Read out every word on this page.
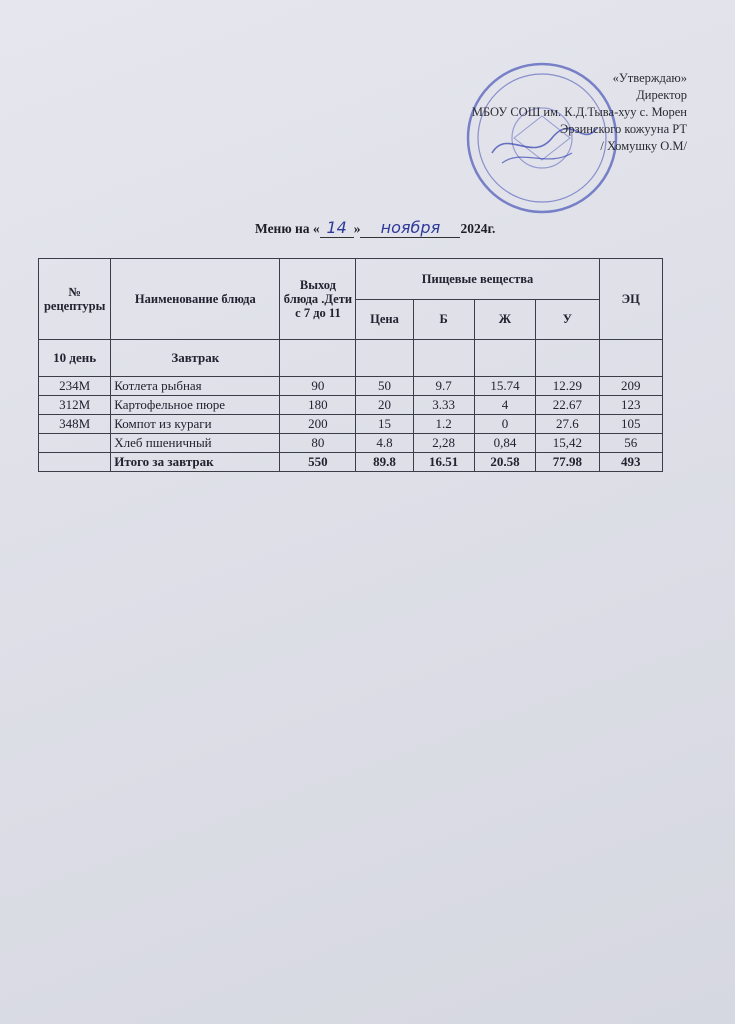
«Утверждаю»
Директор
МБОУ СОШ им. К.Д.Тыва-хуу с. Морен
Эрзинского кожууна РТ
/ Хомушку О.М/
Меню на « 14 » ноября 2024г.
№ рецептуры	Наименование блюда	Выход блюда .Дети с 7 до 11	Пищевые вещества				ЭЦ
			Цена	Б	Ж	У	
10 день	Завтрак						
234М	Котлета рыбная	90	50	9.7	15.74	12.29	209
312М	Картофельное пюре	180	20	3.33	4	22.67	123
348М	Компот из кураги	200	15	1.2	0	27.6	105
	Хлеб пшеничный	80	4.8	2,28	0,84	15,42	56
	Итого за завтрак	550	89.8	16.51	20.58	77.98	493
